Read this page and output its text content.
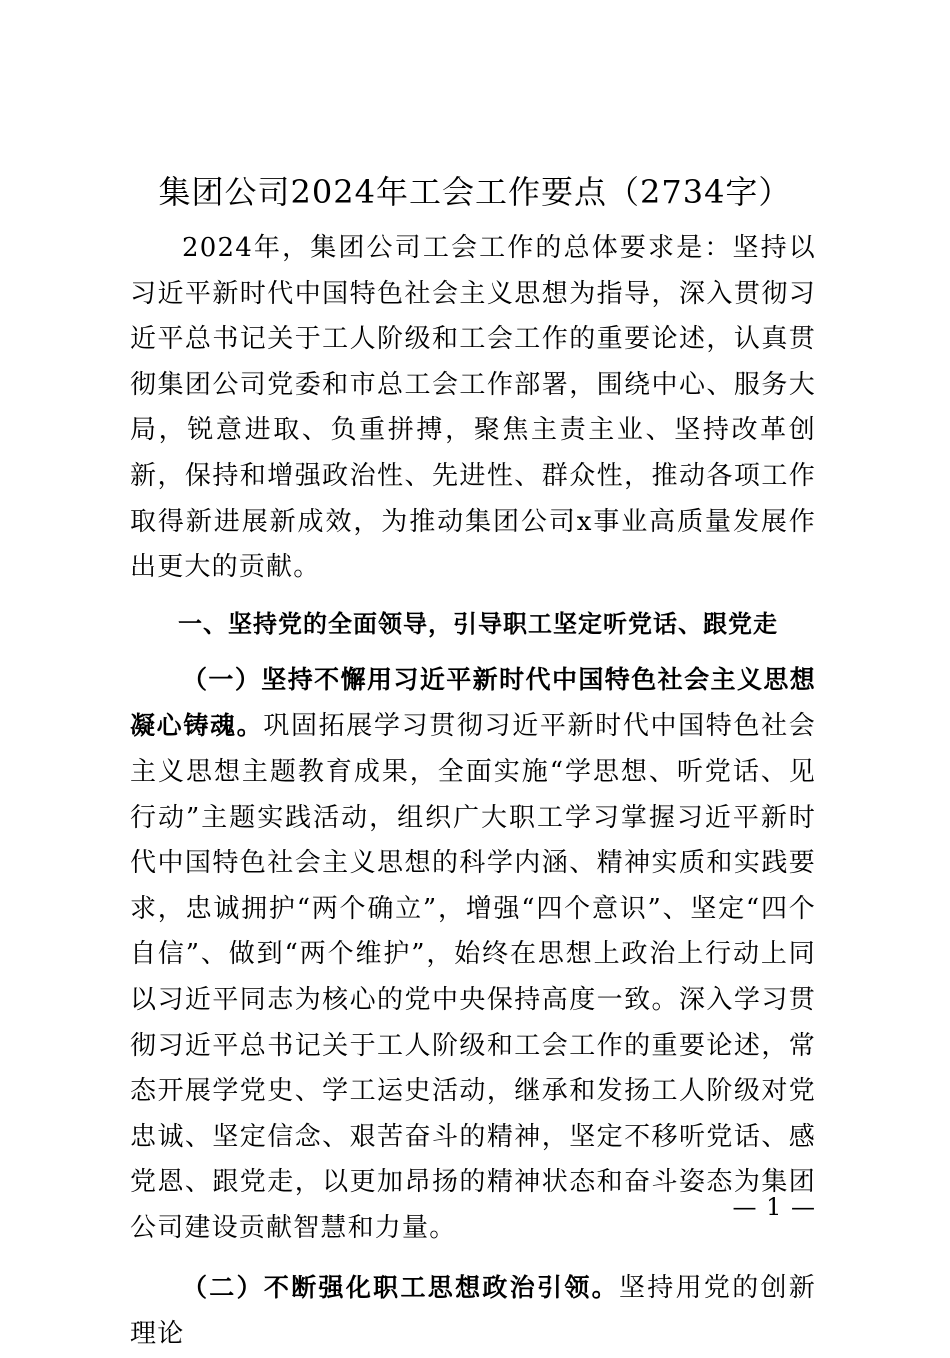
集团公司2024年工会工作要点（2734字）

2024年，集团公司工会工作的总体要求是：坚持以习近平新时代中国特色社会主义思想为指导，深入贯彻习近平总书记关于工人阶级和工会工作的重要论述，认真贯彻集团公司党委和市总工会工作部署，围绕中心、服务大局，锐意进取、负重拼搏，聚焦主责主业、坚持改革创新，保持和增强政治性、先进性、群众性，推动各项工作取得新进展新成效，为推动集团公司x事业高质量发展作出更大的贡献。

一、坚持党的全面领导，引导职工坚定听党话、跟党走

（一）坚持不懈用习近平新时代中国特色社会主义思想凝心铸魂。巩固拓展学习贯彻习近平新时代中国特色社会主义思想主题教育成果，全面实施“学思想、听党话、见行动”主题实践活动，组织广大职工学习掌握习近平新时代中国特色社会主义思想的科学内涵、精神实质和实践要求，忠诚拥护“两个确立”，增强“四个意识”、坚定“四个自信”、做到“两个维护”，始终在思想上政治上行动上同以习近平同志为核心的党中央保持高度一致。深入学习贯彻习近平总书记关于工人阶级和工会工作的重要论述，常态开展学党史、学工运史活动，继承和发扬工人阶级对党忠诚、坚定信念、艰苦奋斗的精神，坚定不移听党话、感党恩、跟党走，以更加昂扬的精神状态和奋斗姿态为集团公司建设贡献智慧和力量。

（二）不断强化职工思想政治引领。坚持用党的创新理论

— 1 —
